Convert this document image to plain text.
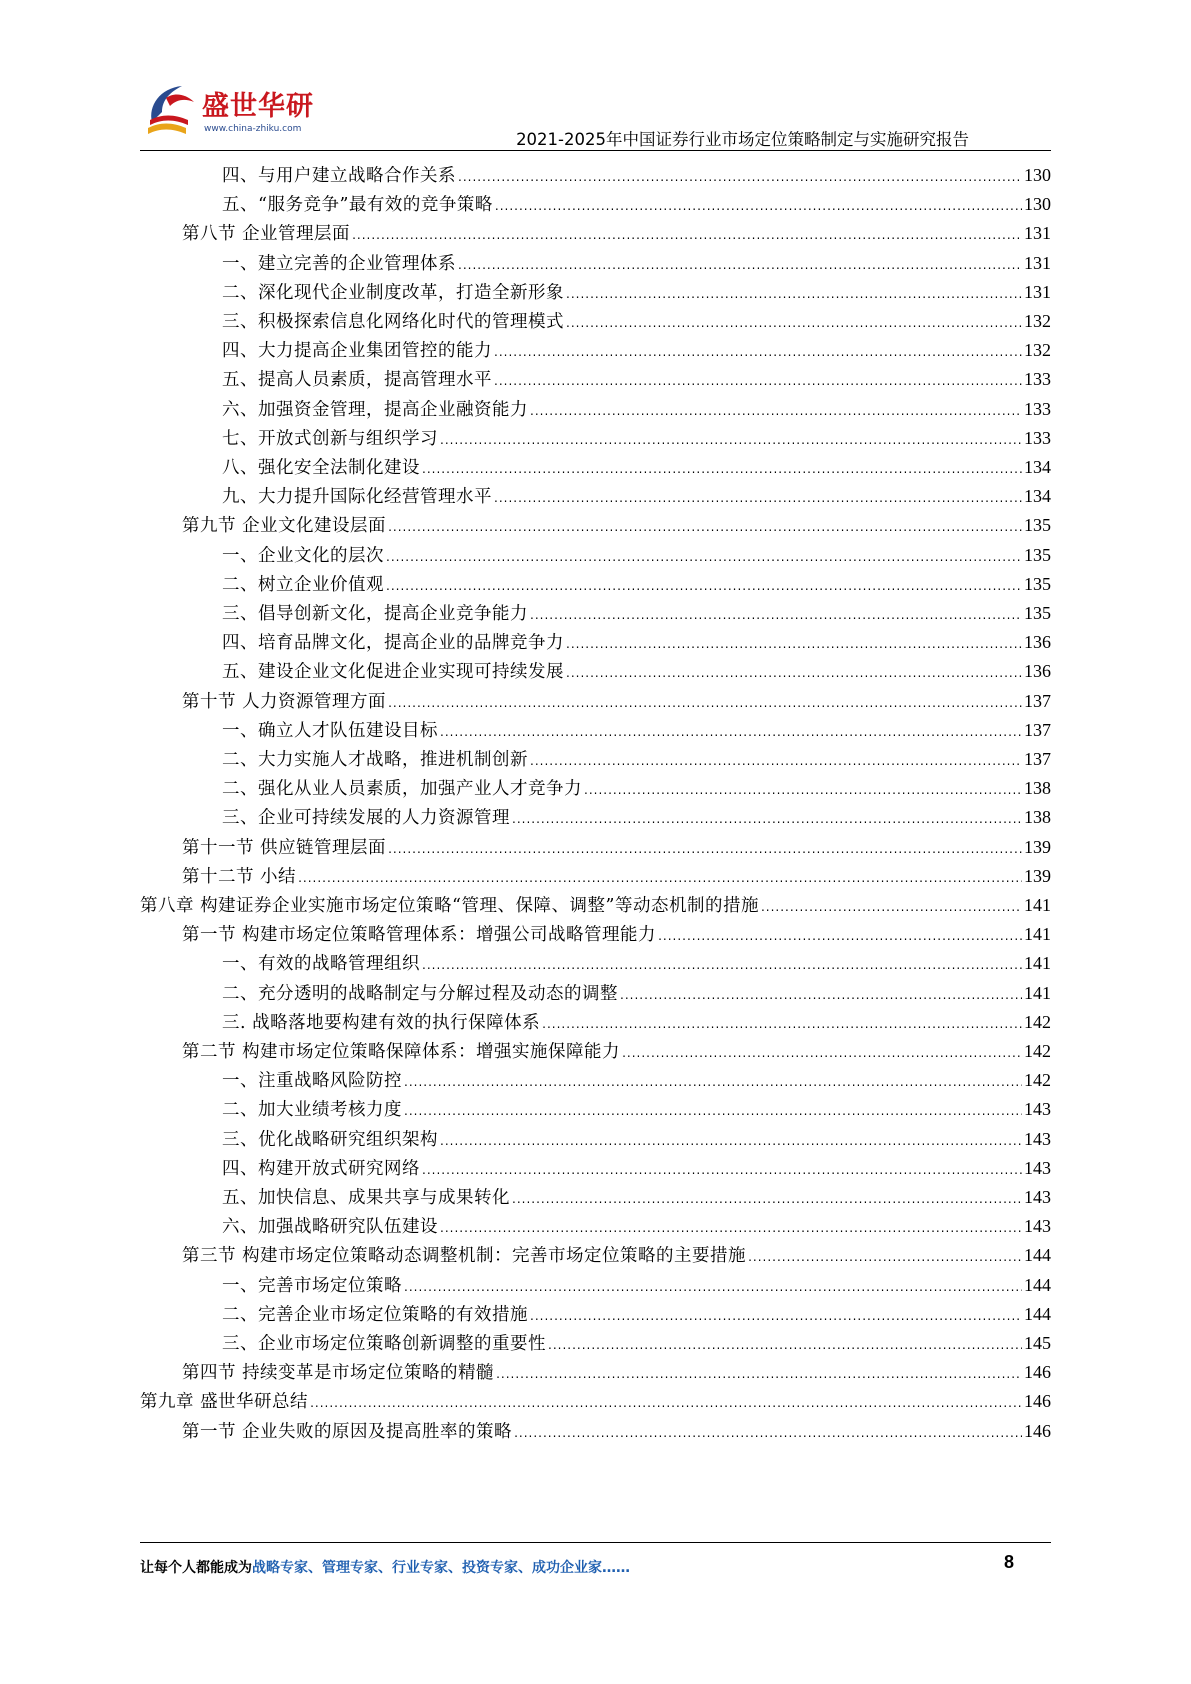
盛世华研
www.china-zhiku.com
2021-2025年中国证券行业市场定位策略制定与实施研究报告
四、与用户建立战略合作关系 .....	130
五、“服务竞争”最有效的竞争策略 .....	130
第八节 企业管理层面 .....	131
一、建立完善的企业管理体系 .....	131
二、深化现代企业制度改革，打造全新形象 .....	131
三、积极探索信息化网络化时代的管理模式 .....	132
四、大力提高企业集团管控的能力 .....	132
五、提高人员素质，提高管理水平 .....	133
六、加强资金管理，提高企业融资能力 .....	133
七、开放式创新与组织学习 .....	133
八、强化安全法制化建设 .....	134
九、大力提升国际化经营管理水平 .....	134
第九节 企业文化建设层面 .....	135
一、企业文化的层次 .....	135
二、树立企业价值观 .....	135
三、倡导创新文化，提高企业竞争能力 .....	135
四、培育品牌文化，提高企业的品牌竞争力 .....	136
五、建设企业文化促进企业实现可持续发展 .....	136
第十节 人力资源管理方面 .....	137
一、确立人才队伍建设目标 .....	137
二、大力实施人才战略，推进机制创新 .....	137
二、强化从业人员素质，加强产业人才竞争力 .....	138
三、企业可持续发展的人力资源管理 .....	138
第十一节 供应链管理层面 .....	139
第十二节 小结 .....	139
第八章 构建证券企业实施市场定位策略“管理、保障、调整”等动态机制的措施 .....	141
第一节 构建市场定位策略管理体系：增强公司战略管理能力 .....	141
一、有效的战略管理组织 .....	141
二、充分透明的战略制定与分解过程及动态的调整 .....	141
三. 战略落地要构建有效的执行保障体系 .....	142
第二节 构建市场定位策略保障体系：增强实施保障能力 .....	142
一、注重战略风险防控 .....	142
二、加大业绩考核力度 .....	143
三、优化战略研究组织架构 .....	143
四、构建开放式研究网络 .....	143
五、加快信息、成果共享与成果转化 .....	143
六、加强战略研究队伍建设 .....	143
第三节 构建市场定位策略动态调整机制：完善市场定位策略的主要措施 .....	144
一、完善市场定位策略 .....	144
二、完善企业市场定位策略的有效措施 .....	144
三、企业市场定位策略创新调整的重要性 .....	145
第四节 持续变革是市场定位策略的精髓 .....	146
第九章 盛世华研总结 .....	146
第一节 企业失败的原因及提高胜率的策略 .....	146
让每个人都能成为战略专家、管理专家、行业专家、投资专家、成功企业家……	8
